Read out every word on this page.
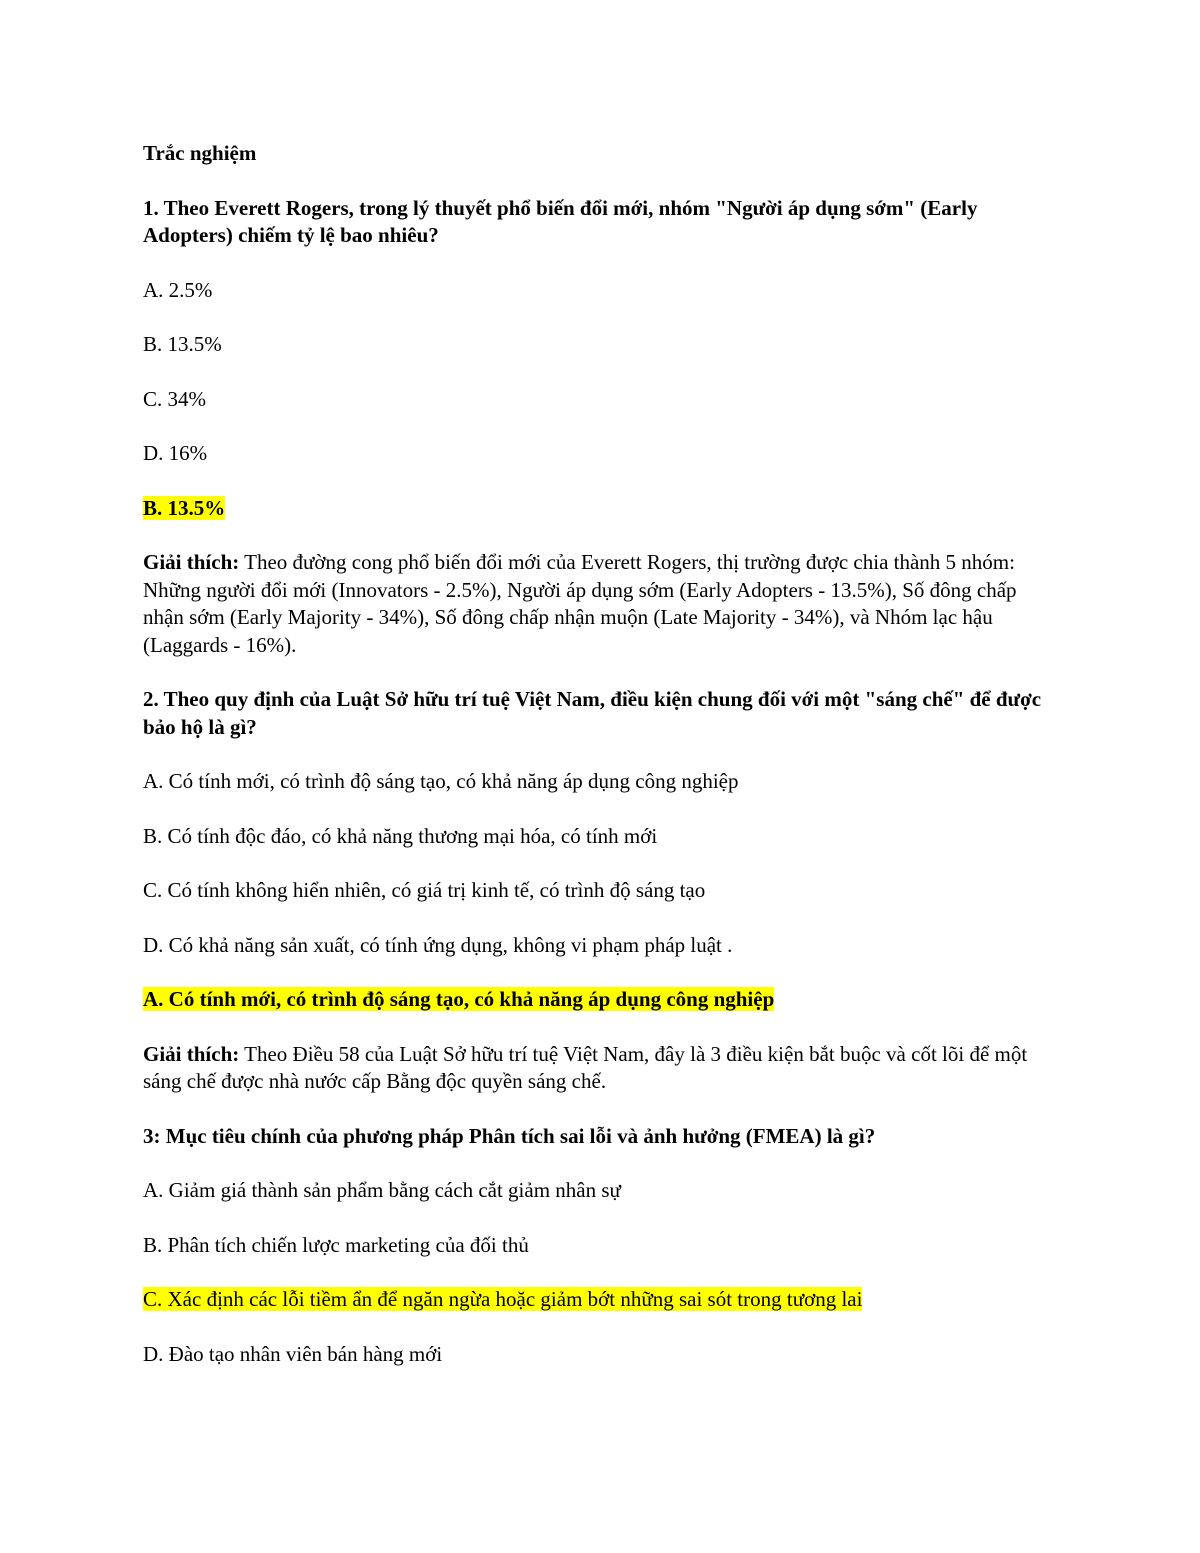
Trắc nghiệm

1. Theo Everett Rogers, trong lý thuyết phổ biến đổi mới, nhóm "Người áp dụng sớm" (Early Adopters) chiếm tỷ lệ bao nhiêu?

A. 2.5%

B. 13.5%

C. 34%

D. 16%

B. 13.5%

Giải thích: Theo đường cong phổ biến đổi mới của Everett Rogers, thị trường được chia thành 5 nhóm: Những người đổi mới (Innovators - 2.5%), Người áp dụng sớm (Early Adopters - 13.5%), Số đông chấp nhận sớm (Early Majority - 34%), Số đông chấp nhận muộn (Late Majority - 34%), và Nhóm lạc hậu (Laggards - 16%).

2. Theo quy định của Luật Sở hữu trí tuệ Việt Nam, điều kiện chung đối với một "sáng chế" để được bảo hộ là gì?

A. Có tính mới, có trình độ sáng tạo, có khả năng áp dụng công nghiệp

B. Có tính độc đáo, có khả năng thương mại hóa, có tính mới

C. Có tính không hiển nhiên, có giá trị kinh tế, có trình độ sáng tạo

D. Có khả năng sản xuất, có tính ứng dụng, không vi phạm pháp luật .

A. Có tính mới, có trình độ sáng tạo, có khả năng áp dụng công nghiệp

Giải thích: Theo Điều 58 của Luật Sở hữu trí tuệ Việt Nam, đây là 3 điều kiện bắt buộc và cốt lõi để một sáng chế được nhà nước cấp Bằng độc quyền sáng chế.

3: Mục tiêu chính của phương pháp Phân tích sai lỗi và ảnh hưởng (FMEA) là gì?

A. Giảm giá thành sản phẩm bằng cách cắt giảm nhân sự

B. Phân tích chiến lược marketing của đối thủ

C. Xác định các lỗi tiềm ẩn để ngăn ngừa hoặc giảm bớt những sai sót trong tương lai

D. Đào tạo nhân viên bán hàng mới
